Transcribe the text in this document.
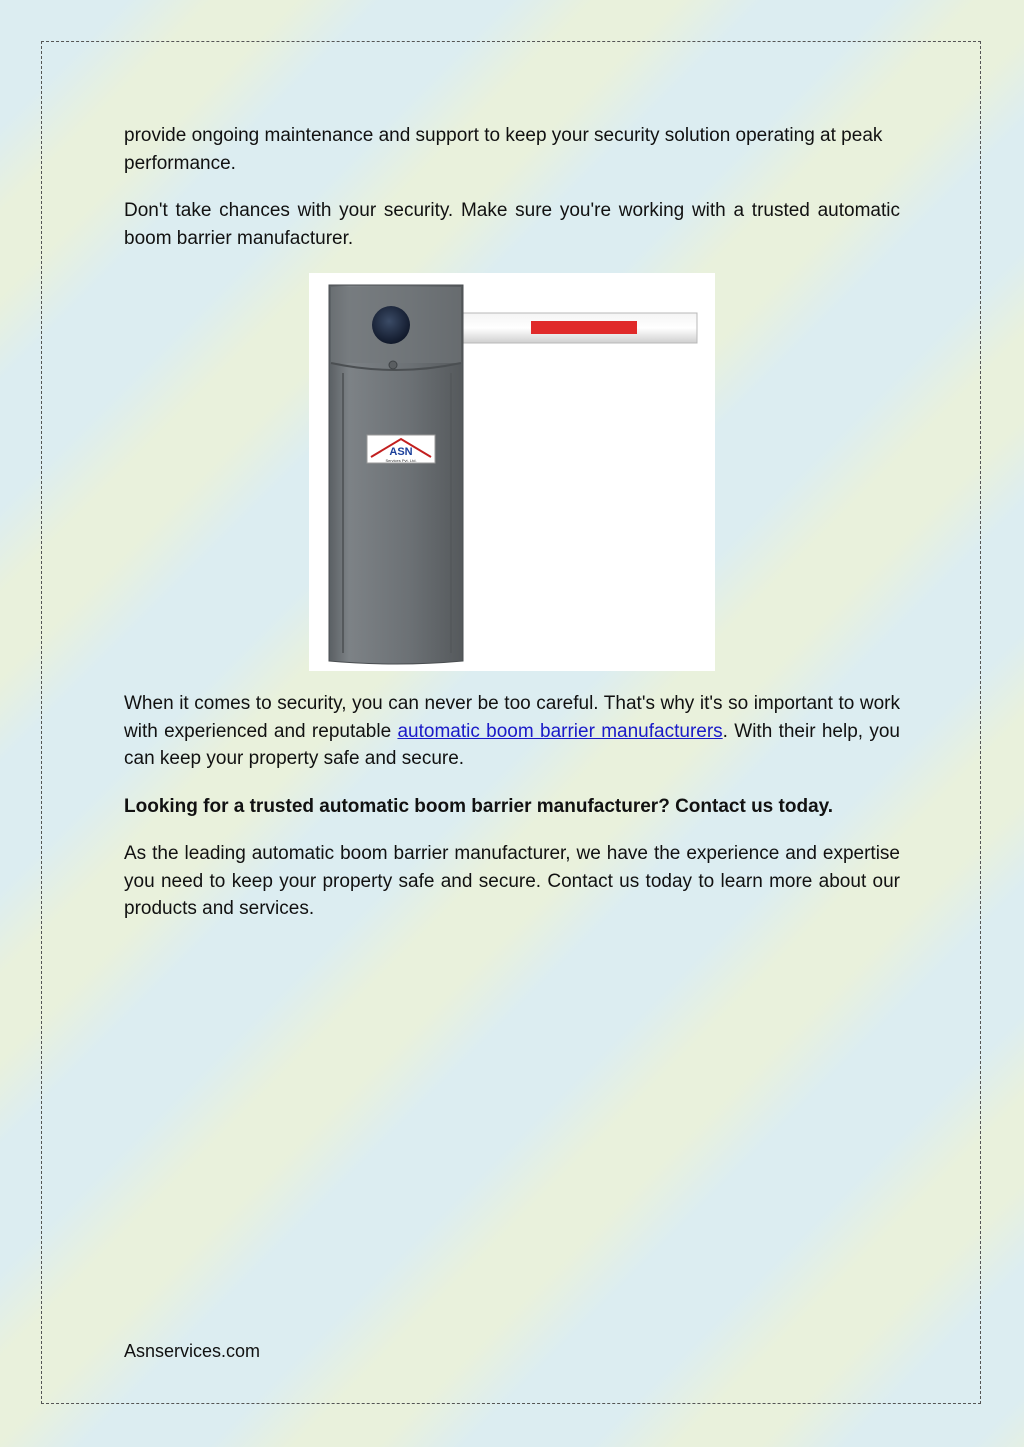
provide ongoing maintenance and support to keep your security solution operating at peak performance.

Don't take chances with your security. Make sure you're working with a trusted automatic boom barrier manufacturer.

When it comes to security, you can never be too careful. That's why it's so important to work with experienced and reputable automatic boom barrier manufacturers. With their help, you can keep your property safe and secure.

Looking for a trusted automatic boom barrier manufacturer? Contact us today.

As the leading automatic boom barrier manufacturer, we have the experience and expertise you need to keep your property safe and secure. Contact us today to learn more about our products and services.

ASN
Services Pvt. Ltd.
Asnservices.com
